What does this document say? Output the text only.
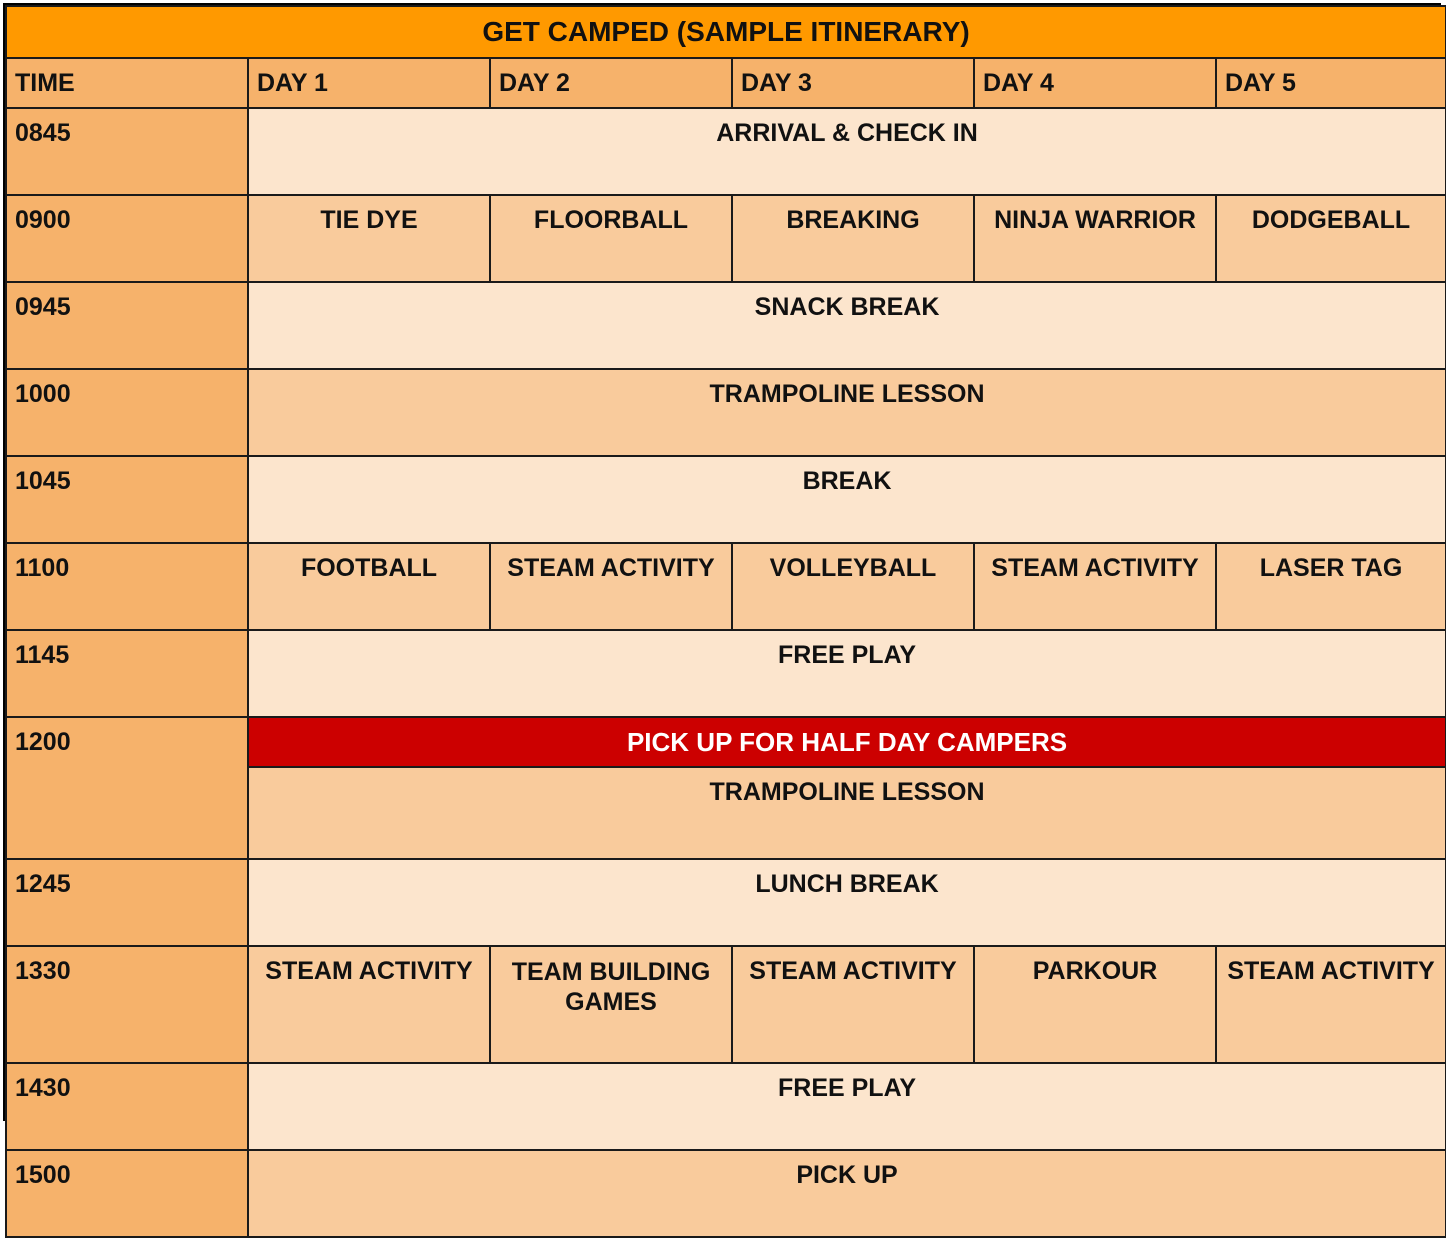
GET CAMPED (SAMPLE ITINERARY)					
TIME	DAY 1	DAY 2	DAY 3	DAY 4	DAY 5
0845	ARRIVAL & CHECK IN				
0900	TIE DYE	FLOORBALL	BREAKING	NINJA WARRIOR	DODGEBALL
0945	SNACK BREAK				
1000	TRAMPOLINE LESSON				
1045	BREAK				
1100	FOOTBALL	STEAM ACTIVITY	VOLLEYBALL	STEAM ACTIVITY	LASER TAG
1145	FREE PLAY				
1200	PICK UP FOR HALF DAY CAMPERS				
	TRAMPOLINE LESSON				
1245	LUNCH BREAK				
1330	STEAM ACTIVITY	TEAM BUILDING GAMES	STEAM ACTIVITY	PARKOUR	STEAM ACTIVITY
1430	FREE PLAY				
1500	PICK UP				
